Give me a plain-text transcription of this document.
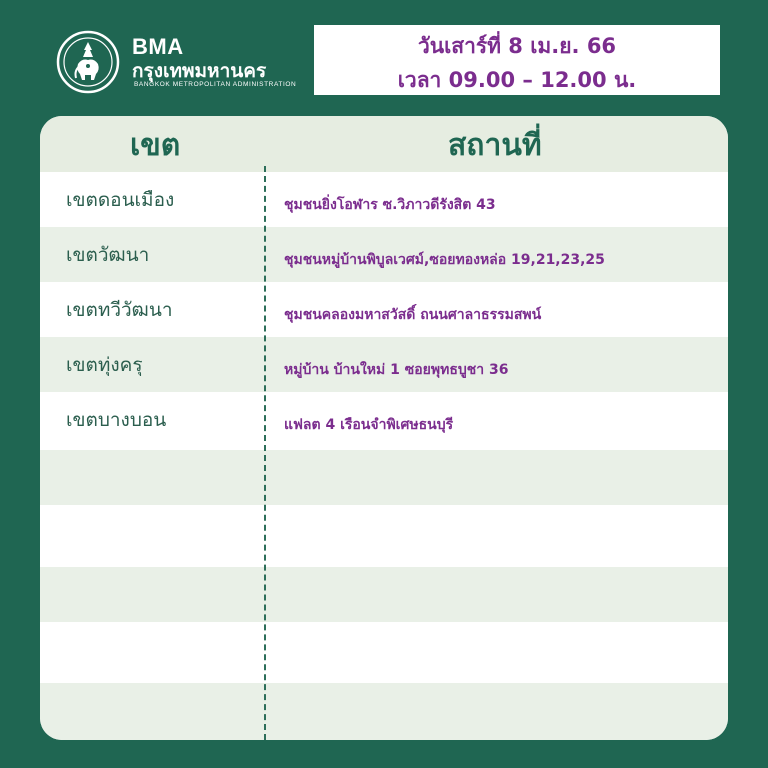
BMA
กรุงเทพมหานคร
BANGKOK METROPOLITAN ADMINISTRATION
วันเสาร์ที่ 8 เม.ย. 66
เวลา 09.00 – 12.00 น.
เขต	สถานที่
เขตดอนเมือง	ชุมชนยิ่งโอฬาร ซ.วิภาวดีรังสิต 43
เขตวัฒนา	ชุมชนหมู่บ้านพิบูลเวศม์,ซอยทองหล่อ 19,21,23,25
เขตทวีวัฒนา	ชุมชนคลองมหาสวัสดิ์ ถนนศาลาธรรมสพน์
เขตทุ่งครุ	หมู่บ้าน บ้านใหม่ 1 ซอยพุทธบูชา 36
เขตบางบอน	แฟลต 4 เรือนจำพิเศษธนบุรี
